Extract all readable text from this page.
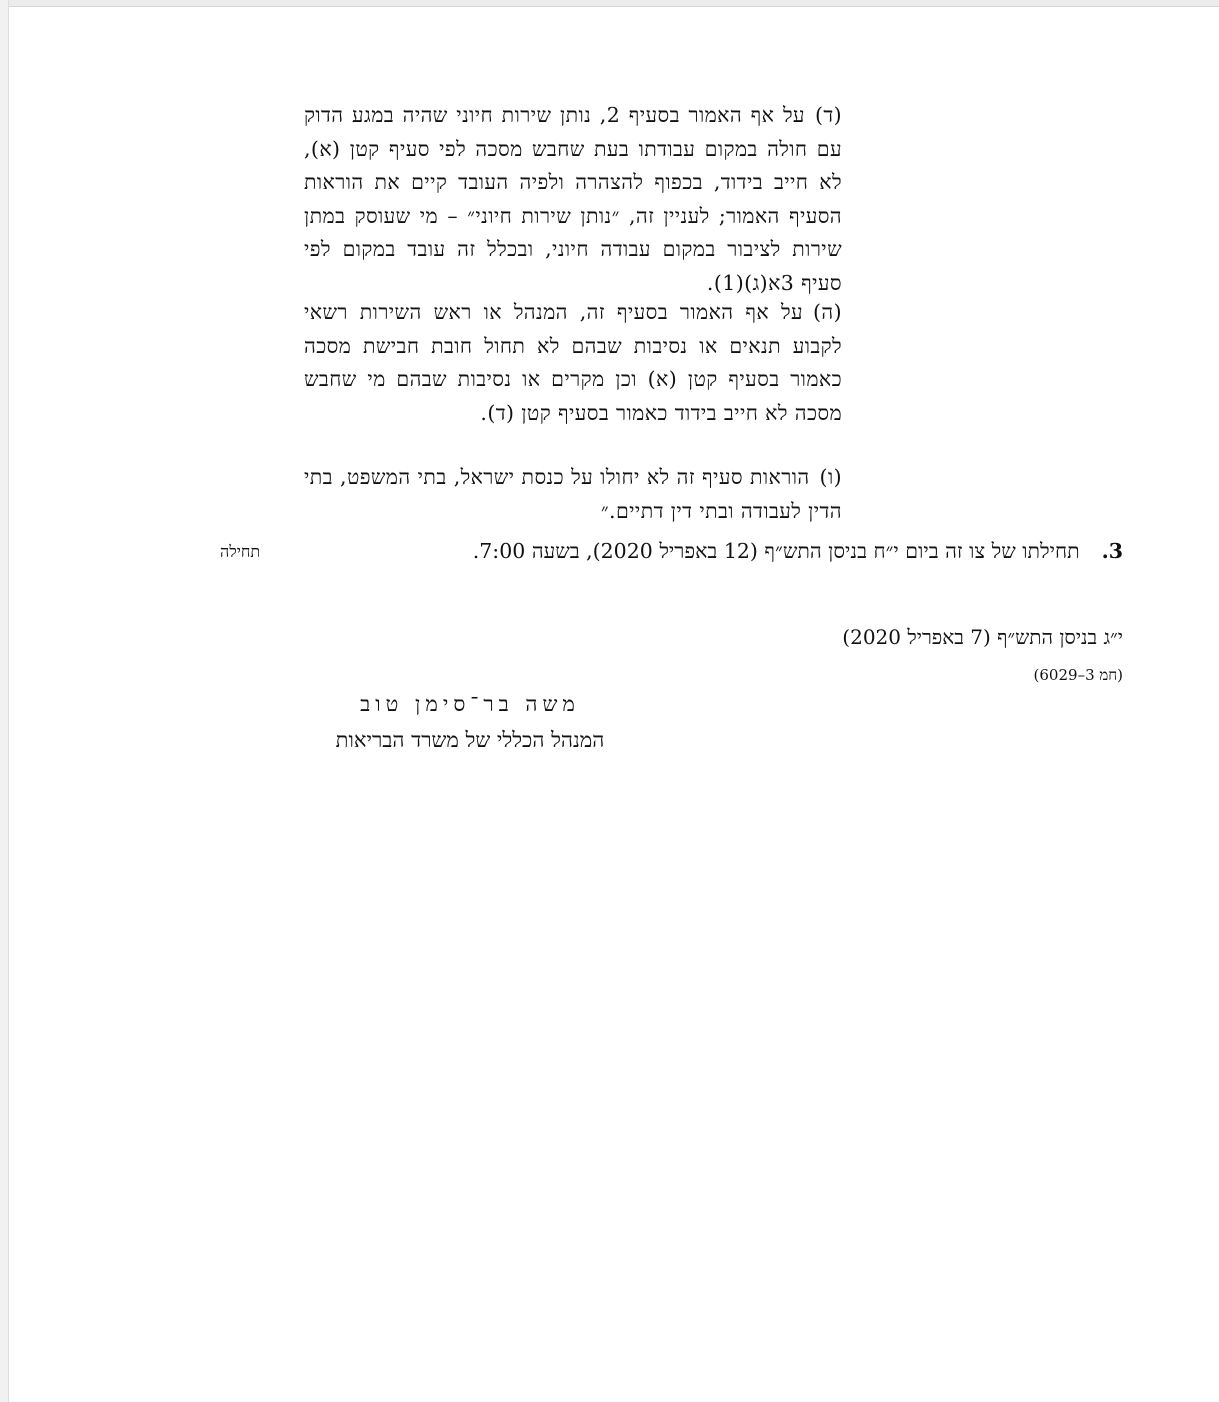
(ד)על אף האמור בסעיף 2, נותן שירות חיוני שהיה במגע הדוק עם חולה במקום עבודתו בעת שחבש מסכה לפי סעיף קטן (א), לא חייב בידוד, בכפוף להצהרה ולפיה העובד קיים את הוראות הסעיף האמור; לעניין זה, ״נותן שירות חיוני״ – מי שעוסק במתן שירות לציבור במקום עבודה חיוני, ובכלל זה עובד במקום לפי סעיף 3א(ג)(1).

(ה)על אף האמור בסעיף זה, המנהל או ראש השירות רשאי לקבוע תנאים או נסיבות שבהם לא תחול חובת חבישת מסכה כאמור בסעיף קטן (א) וכן מקרים או נסיבות שבהם מי שחבש מסכה לא חייב בידוד כאמור בסעיף קטן (ד).

(ו)הוראות סעיף זה לא יחולו על כנסת ישראל, בתי המשפט, בתי הדין לעבודה ובתי דין דתיים.״

3.תחילתו של צו זה ביום י״ח בניסן התש״ף (12 באפריל 2020), בשעה 7:00.
תחילה
י״ג בניסן התש״ף (7 באפריל 2020)
(חמ 3–6029)
משה בר־סימן טוב
המנהל הכללי של משרד הבריאות
